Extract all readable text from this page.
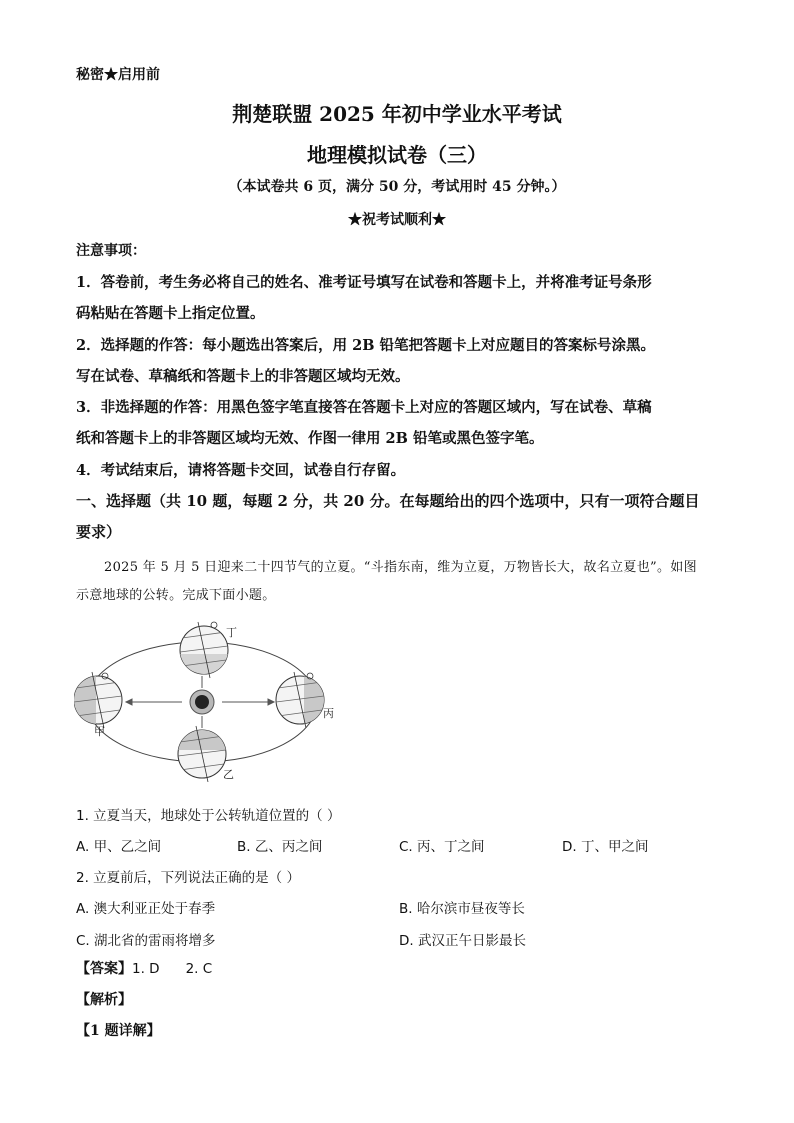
秘密★启用前
荆楚联盟 2025 年初中学业水平考试
地理模拟试卷（三）
（本试卷共 6 页，满分 50 分，考试用时 45 分钟。）
★祝考试顺利★
注意事项：
1．答卷前，考生务必将自己的姓名、准考证号填写在试卷和答题卡上，并将准考证号条形
码粘贴在答题卡上指定位置。
2．选择题的作答：每小题选出答案后，用 2B 铅笔把答题卡上对应题目的答案标号涂黑。
写在试卷、草稿纸和答题卡上的非答题区域均无效。
3．非选择题的作答：用黑色签字笔直接答在答题卡上对应的答题区域内，写在试卷、草稿
纸和答题卡上的非答题区域均无效、作图一律用 2B 铅笔或黑色签字笔。
4．考试结束后，请将答题卡交回，试卷自行存留。
一、选择题（共 10 题，每题 2 分，共 20 分。在每题给出的四个选项中，只有一项符合题目
要求）
2025 年 5 月 5 日迎来二十四节气的立夏。“斗指东南，维为立夏，万物皆长大，故名立夏也”。如图
示意地球的公转。完成下面小题。
甲
乙
丙
丁
1. 立夏当天，地球处于公转轨道位置的（ ）
A. 甲、乙之间	B. 乙、丙之间	C. 丙、丁之间	D. 丁、甲之间
2. 立夏前后，下列说法正确的是（ ）
A. 澳大利亚正处于春季	B. 哈尔滨市昼夜等长
C. 湖北省的雷雨将增多	D. 武汉正午日影最长
【答案】1. D 2. C
【解析】
【1 题详解】
